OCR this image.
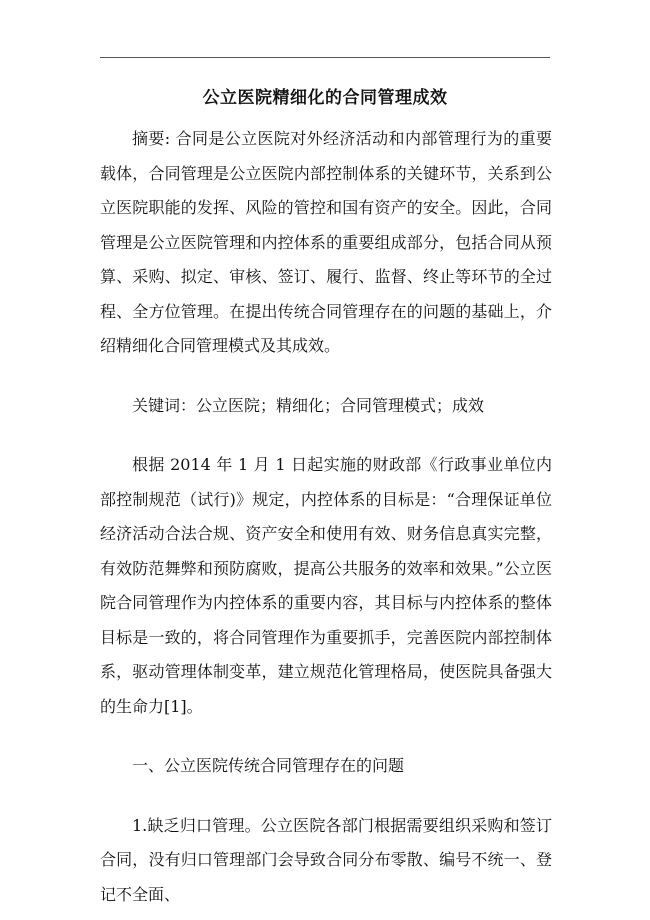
公立医院精细化的合同管理成效

摘要: 合同是公立医院对外经济活动和内部管理行为的重要载体，合同管理是公立医院内部控制体系的关键环节，关系到公立医院职能的发挥、风险的管控和国有资产的安全。因此，合同管理是公立医院管理和内控体系的重要组成部分，包括合同从预算、采购、拟定、审核、签订、履行、监督、终止等环节的全过程、全方位管理。在提出传统合同管理存在的问题的基础上，介绍精细化合同管理模式及其成效。

关键词：公立医院；精细化；合同管理模式；成效

根据 2014 年 1 月 1 日起实施的财政部《行政事业单位内部控制规范（试行)》规定，内控体系的目标是：“合理保证单位经济活动合法合规、资产安全和使用有效、财务信息真实完整，有效防范舞弊和预防腐败，提高公共服务的效率和效果。”公立医院合同管理作为内控体系的重要内容，其目标与内控体系的整体目标是一致的，将合同管理作为重要抓手，完善医院内部控制体系，驱动管理体制变革，建立规范化管理格局，使医院具备强大的生命力[1]。

一、公立医院传统合同管理存在的问题

1.缺乏归口管理。公立医院各部门根据需要组织采购和签订合同，没有归口管理部门会导致合同分布零散、编号不统一、登记不全面、
